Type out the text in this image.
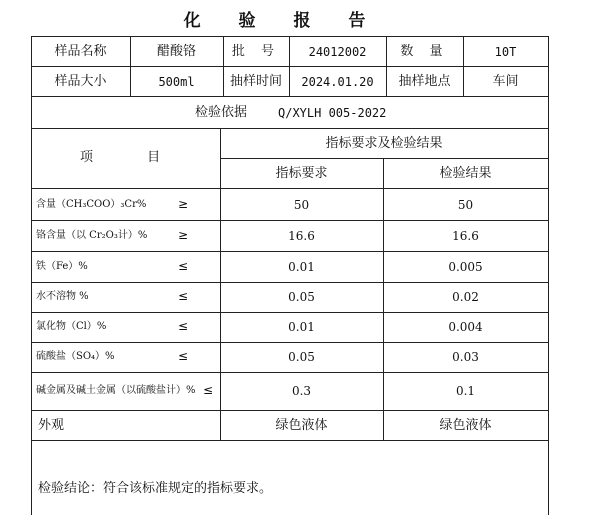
化 验 报 告
样品名称	醋酸铬	批 号	24012002	数 量	10T
样品大小	500ml	抽样时间	2024.01.20	抽样地点	车间
检验依据	Q/XYLH 005-2022
项 目
指标要求及检验结果
指标要求	检验结果
含量（CH₃COO）₃Cr%	≥	50	50
铬含量（以 Cr₂O₃计）%	≥	16.6	16.6
铁（Fe）%	≤	0.01	0.005
水不溶物 %	≤	0.05	0.02
氯化物（Cl）%	≤	0.01	0.004
硫酸盐（SO₄）%	≤	0.05	0.03
碱金属及碱土金属（以硫酸盐计）% ≤	0.3	0.1
外观	绿色液体	绿色液体
检验结论：符合该标准规定的指标要求。
